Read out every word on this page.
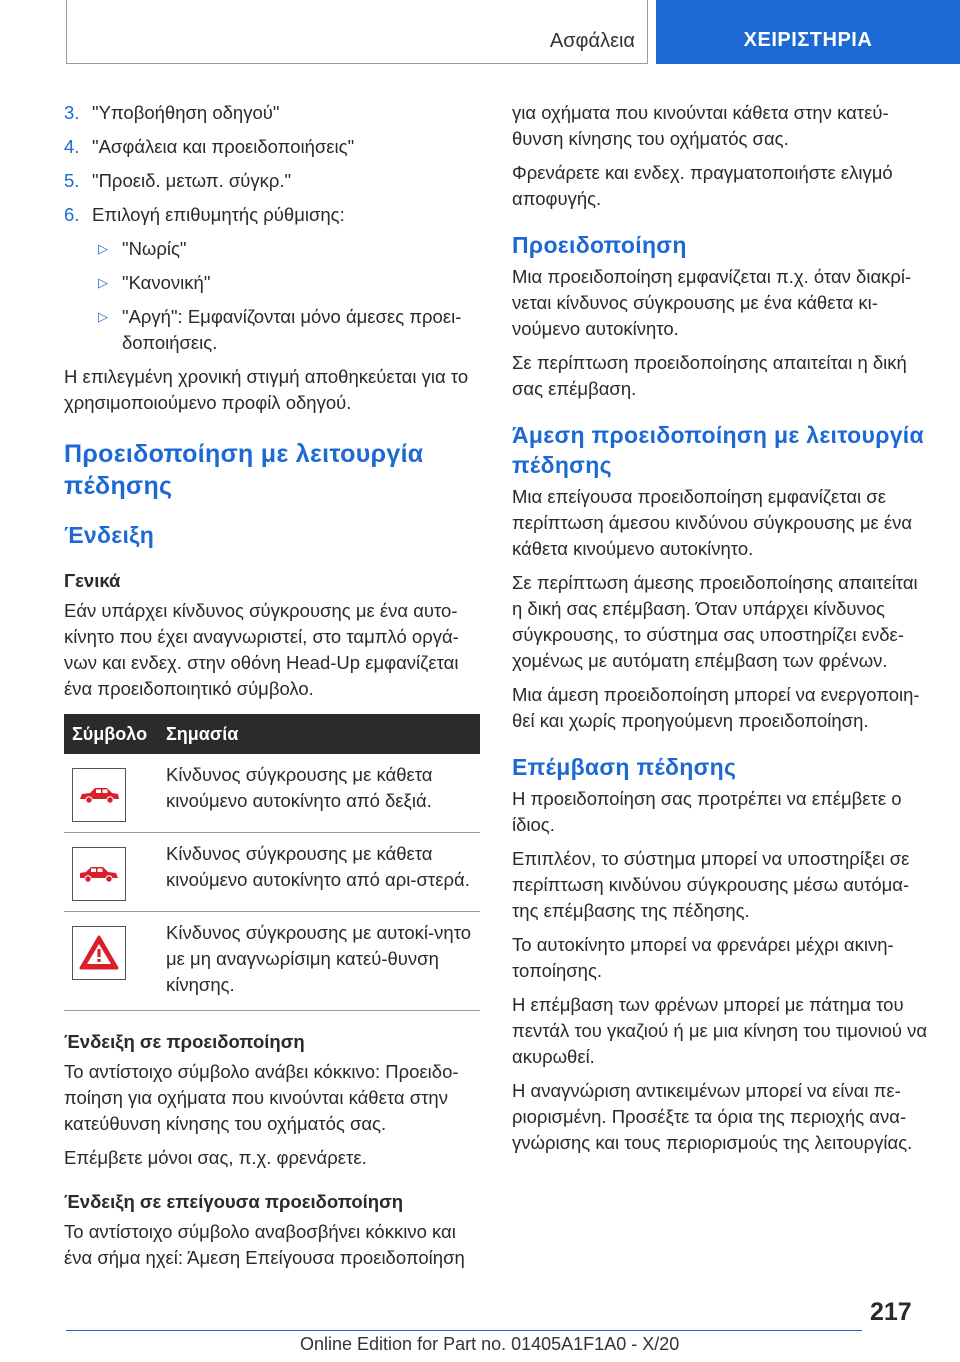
Ασφάλεια	ΧΕΙΡΙΣΤΗΡΙΑ
3. "Υποβοήθηση οδηγού"
4. "Ασφάλεια και προειδοποιήσεις"
5. "Προειδ. μετωπ. σύγκρ."
6. Επιλογή επιθυμητής ρύθμισης:
▷ "Νωρίς"
▷ "Κανονική"
▷ "Αργή": Εμφανίζονται μόνο άμεσες προει-δοποιήσεις.

Η επιλεγμένη χρονική στιγμή αποθηκεύεται για το χρησιμοποιούμενο προφίλ οδηγού.

Προειδοποίηση με λειτουργία πέδησης
Ένδειξη
Γενικά

Εάν υπάρχει κίνδυνος σύγκρουσης με ένα αυτο-κίνητο που έχει αναγνωριστεί, στο ταμπλό οργά-νων και ενδεχ. στην οθόνη Head-Up εμφανίζεται ένα προειδοποιητικό σύμβολο.

Σύμβολο	Σημασία

	Κίνδυνος σύγκρουσης με κάθετα κινούμενο αυτοκίνητο από δεξιά.

	Κίνδυνος σύγκρουσης με κάθετα κινούμενο αυτοκίνητο από αρι-στερά.

	Κίνδυνος σύγκρουσης με αυτοκί-νητο με μη αναγνωρίσιμη κατεύ-θυνση κίνησης.
Ένδειξη σε προειδοποίηση

Το αντίστοιχο σύμβολο ανάβει κόκκινο: Προειδο-ποίηση για οχήματα που κινούνται κάθετα στην κατεύθυνση κίνησης του οχήματός σας.

Επέμβετε μόνοι σας, π.χ. φρενάρετε.

Ένδειξη σε επείγουσα προειδοποίηση

Το αντίστοιχο σύμβολο αναβοσβήνει κόκκινο και ένα σήμα ηχεί: Άμεση Επείγουσα προειδοποίηση

για οχήματα που κινούνται κάθετα στην κατεύ-θυνση κίνησης του οχήματός σας.

Φρενάρετε και ενδεχ. πραγματοποιήστε ελιγμό αποφυγής.

Προειδοποίηση

Μια προειδοποίηση εμφανίζεται π.χ. όταν διακρί-νεται κίνδυνος σύγκρουσης με ένα κάθετα κι-νούμενο αυτοκίνητο.

Σε περίπτωση προειδοποίησης απαιτείται η δική σας επέμβαση.

Άμεση προειδοποίηση με λειτουργία πέδησης

Μια επείγουσα προειδοποίηση εμφανίζεται σε περίπτωση άμεσου κινδύνου σύγκρουσης με ένα κάθετα κινούμενο αυτοκίνητο.

Σε περίπτωση άμεσης προειδοποίησης απαιτείται η δική σας επέμβαση. Όταν υπάρχει κίνδυνος σύγκρουσης, το σύστημα σας υποστηρίζει ενδε-χομένως με αυτόματη επέμβαση των φρένων.

Μια άμεση προειδοποίηση μπορεί να ενεργοποιη-θεί και χωρίς προηγούμενη προειδοποίηση.

Επέμβαση πέδησης

Η προειδοποίηση σας προτρέπει να επέμβετε ο ίδιος.

Επιπλέον, το σύστημα μπορεί να υποστηρίξει σε περίπτωση κινδύνου σύγκρουσης μέσω αυτόμα-της επέμβασης της πέδησης.

Το αυτοκίνητο μπορεί να φρενάρει μέχρι ακινη-τοποίησης.

Η επέμβαση των φρένων μπορεί με πάτημα του πεντάλ του γκαζιού ή με μια κίνηση του τιμονιού να ακυρωθεί.

Η αναγνώριση αντικειμένων μπορεί να είναι πε-ριορισμένη. Προσέξτε τα όρια της περιοχής ανα-γνώρισης και τους περιορισμούς της λειτουργίας.

217
Online Edition for Part no. 01405A1F1A0 - X/20
